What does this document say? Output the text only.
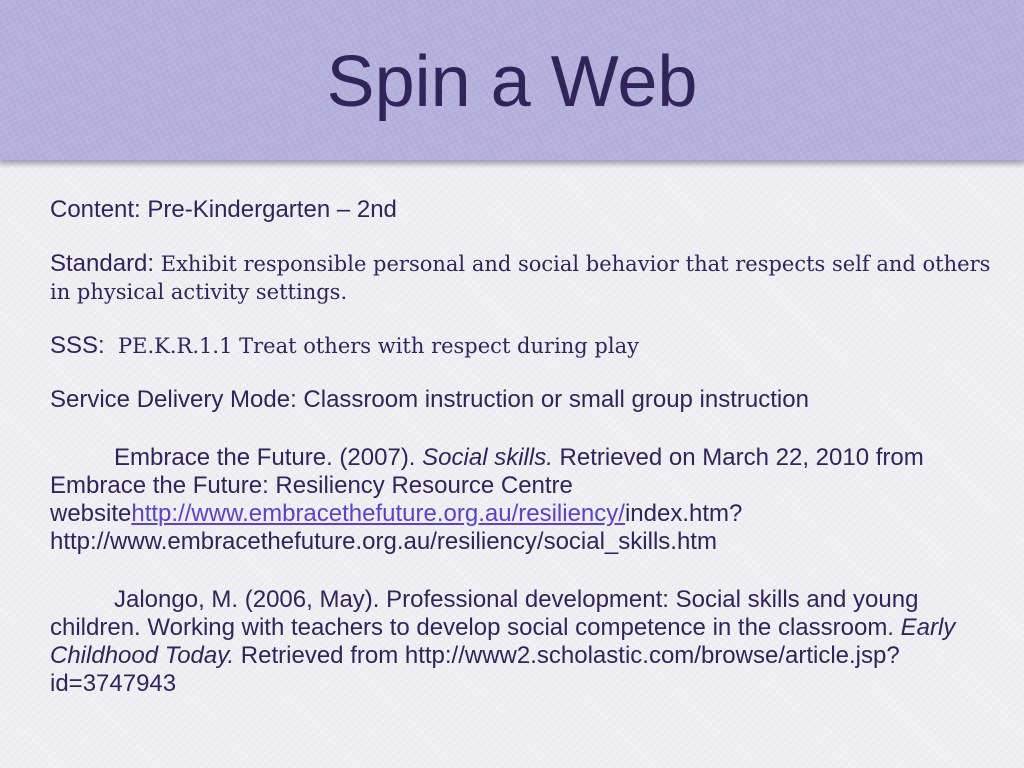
Spin a Web

Content: Pre-Kindergarten – 2nd

Standard: Exhibit responsible personal and social behavior that respects self and others in physical activity settings.

SSS: PE.K.R.1.1 Treat others with respect during play

Service Delivery Mode: Classroom instruction or small group instruction

Embrace the Future. (2007). Social skills. Retrieved on March 22, 2010 from Embrace the Future: Resiliency Resource Centre websitehttp://www.embracethefuture.org.au/resiliency/index.htm?http://www.embracethefuture.org.au/resiliency/social_skills.htm

Jalongo, M. (2006, May). Professional development: Social skills and young children. Working with teachers to develop social competence in the classroom. Early Childhood Today. Retrieved from http://www2.scholastic.com/browse/article.jsp?id=3747943
